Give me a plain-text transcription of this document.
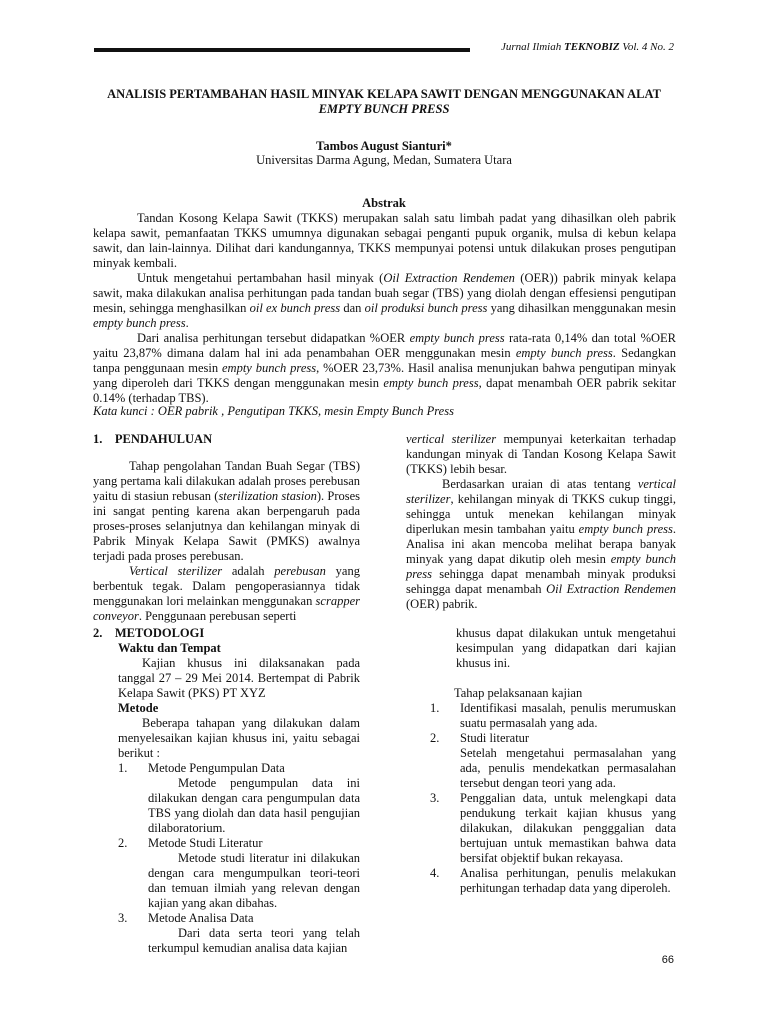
Jurnal Ilmiah TEKNOBIZ Vol. 4 No. 2
ANALISIS PERTAMBAHAN HASIL MINYAK KELAPA SAWIT DENGAN MENGGUNAKAN ALAT
EMPTY BUNCH PRESS
Tambos August Sianturi*
Universitas Darma Agung, Medan, Sumatera Utara
Abstrak

Tandan Kosong Kelapa Sawit (TKKS) merupakan salah satu limbah padat yang dihasilkan oleh pabrik kelapa sawit, pemanfaatan TKKS umumnya digunakan sebagai penganti pupuk organik, mulsa di kebun kelapa sawit, dan lain-lainnya. Dilihat dari kandungannya, TKKS mempunyai potensi untuk dilakukan proses pengutipan minyak kembali.

Untuk mengetahui pertambahan hasil minyak (Oil Extraction Rendemen (OER)) pabrik minyak kelapa sawit, maka dilakukan analisa perhitungan pada tandan buah segar (TBS) yang diolah dengan effesiensi pengutipan mesin, sehingga menghasilkan oil ex bunch press dan oil produksi bunch press yang dihasilkan menggunakan mesin empty bunch press.

Dari analisa perhitungan tersebut didapatkan %OER empty bunch press rata-rata 0,14% dan total %OER yaitu 23,87% dimana dalam hal ini ada penambahan OER menggunakan mesin empty bunch press. Sedangkan tanpa penggunaan mesin empty bunch press, %OER 23,73%. Hasil analisa menunjukan bahwa pengutipan minyak yang diperoleh dari TKKS dengan menggunakan mesin empty bunch press, dapat menambah OER pabrik sekitar 0.14% (terhadap TBS).

Kata kunci : OER pabrik , Pengutipan TKKS, mesin Empty Bunch Press

1. PENDAHULUAN

Tahap pengolahan Tandan Buah Segar (TBS) yang pertama kali dilakukan adalah proses perebusan yaitu di stasiun rebusan (sterilization stasion). Proses ini sangat penting karena akan berpengaruh pada proses-proses selanjutnya dan kehilangan minyak di Pabrik Minyak Kelapa Sawit (PMKS) awalnya terjadi pada proses perebusan.

Vertical sterilizer adalah perebusan yang berbentuk tegak. Dalam pengoperasiannya tidak menggunakan lori melainkan menggunakan scrapper conveyor. Penggunaan perebusan seperti

vertical sterilizer mempunyai keterkaitan terhadap kandungan minyak di Tandan Kosong Kelapa Sawit (TKKS) lebih besar.

Berdasarkan uraian di atas tentang vertical sterilizer, kehilangan minyak di TKKS cukup tinggi, sehingga untuk menekan kehilangan minyak diperlukan mesin tambahan yaitu empty bunch press. Analisa ini akan mencoba melihat berapa banyak minyak yang dapat dikutip oleh mesin empty bunch press sehingga dapat menambah minyak produksi sehingga dapat menambah Oil Extraction Rendemen (OER) pabrik.

2. METODOLOGI

Waktu dan Tempat

Kajian khusus ini dilaksanakan pada tanggal 27 – 29 Mei 2014. Bertempat di Pabrik Kelapa Sawit (PKS) PT XYZ

Metode

Beberapa tahapan yang dilakukan dalam menyelesaikan kajian khusus ini, yaitu sebagai berikut :

1.	Metode Pengumpulan Data
Metode pengumpulan data ini dilakukan dengan cara pengumpulan data TBS yang diolah dan data hasil pengujian dilaboratorium.
2.	Metode Studi Literatur
Metode studi literatur ini dilakukan dengan cara mengumpulkan teori-teori dan temuan ilmiah yang relevan dengan kajian yang akan dibahas.
3.	Metode Analisa Data
Dari data serta teori yang telah terkumpul kemudian analisa data kajian

khusus dapat dilakukan untuk mengetahui kesimpulan yang didapatkan dari kajian khusus ini.

Tahap pelaksanaan kajian

1.	Identifikasi masalah, penulis merumuskan suatu permasalah yang ada.
2.	Studi literatur
Setelah mengetahui permasalahan yang ada, penulis mendekatkan permasalahan tersebut dengan teori yang ada.
3.	Penggalian data, untuk melengkapi data pendukung terkait kajian khusus yang dilakukan, dilakukan pengggalian data bertujuan untuk memastikan bahwa data bersifat objektif bukan rekayasa.
4.	Analisa perhitungan, penulis melakukan perhitungan terhadap data yang diperoleh.
66
